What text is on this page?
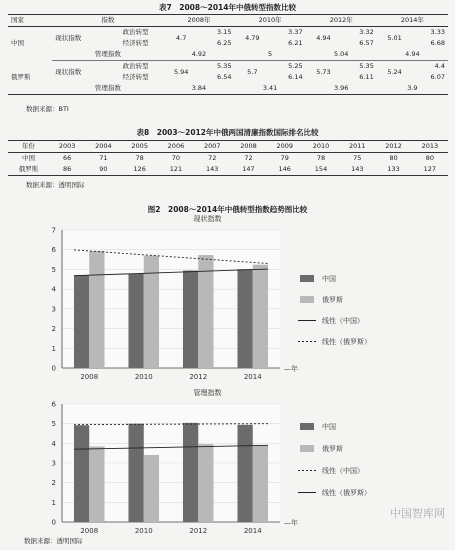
表7　2008～2014年中俄转型指数比较
国家	指数		2008年		2010年		2012年		2014年	
中国	现状指数	政治转型	4.7	3.15	4.79	3.37	4.94	3.32	5.01	3.33
		经济转型		6.25		6.21		6.57		6.68
	管理指数		4.92		5		5.04		4.94	
俄罗斯	现状指数	政治转型	5.94	5.35	5.7	5.25	5.73	5.35	5.24	4.4
		经济转型		6.54		6.14		6.11		6.07
	管理指数		3.84		3.41		3.96		3.9	
数据来源：BTI
表8　2003～2012年中俄两国清廉指数国际排名比较
年份	2003	2004	2005	2006	2007	2008	2009	2010	2011	2012	2013
中国	66	71	78	70	72	72	79	78	75	80	80
俄罗斯	86	90	126	121	143	147	146	154	143	133	127
数据来源：透明国际
图2　2008～2014年中俄转型指数趋势图比较
现状指数
0
1
2
3
4
5
6
7
2008	2010	2012	2014
—年
中国
俄罗斯
线性（中国）
线性（俄罗斯）
管理指数
0
1
2
3
4
5
6
2008	2010	2012	2014
—年
中国
俄罗斯
线性（中国）
线性（俄罗斯）
数据来源：透明国际
中国智库网
